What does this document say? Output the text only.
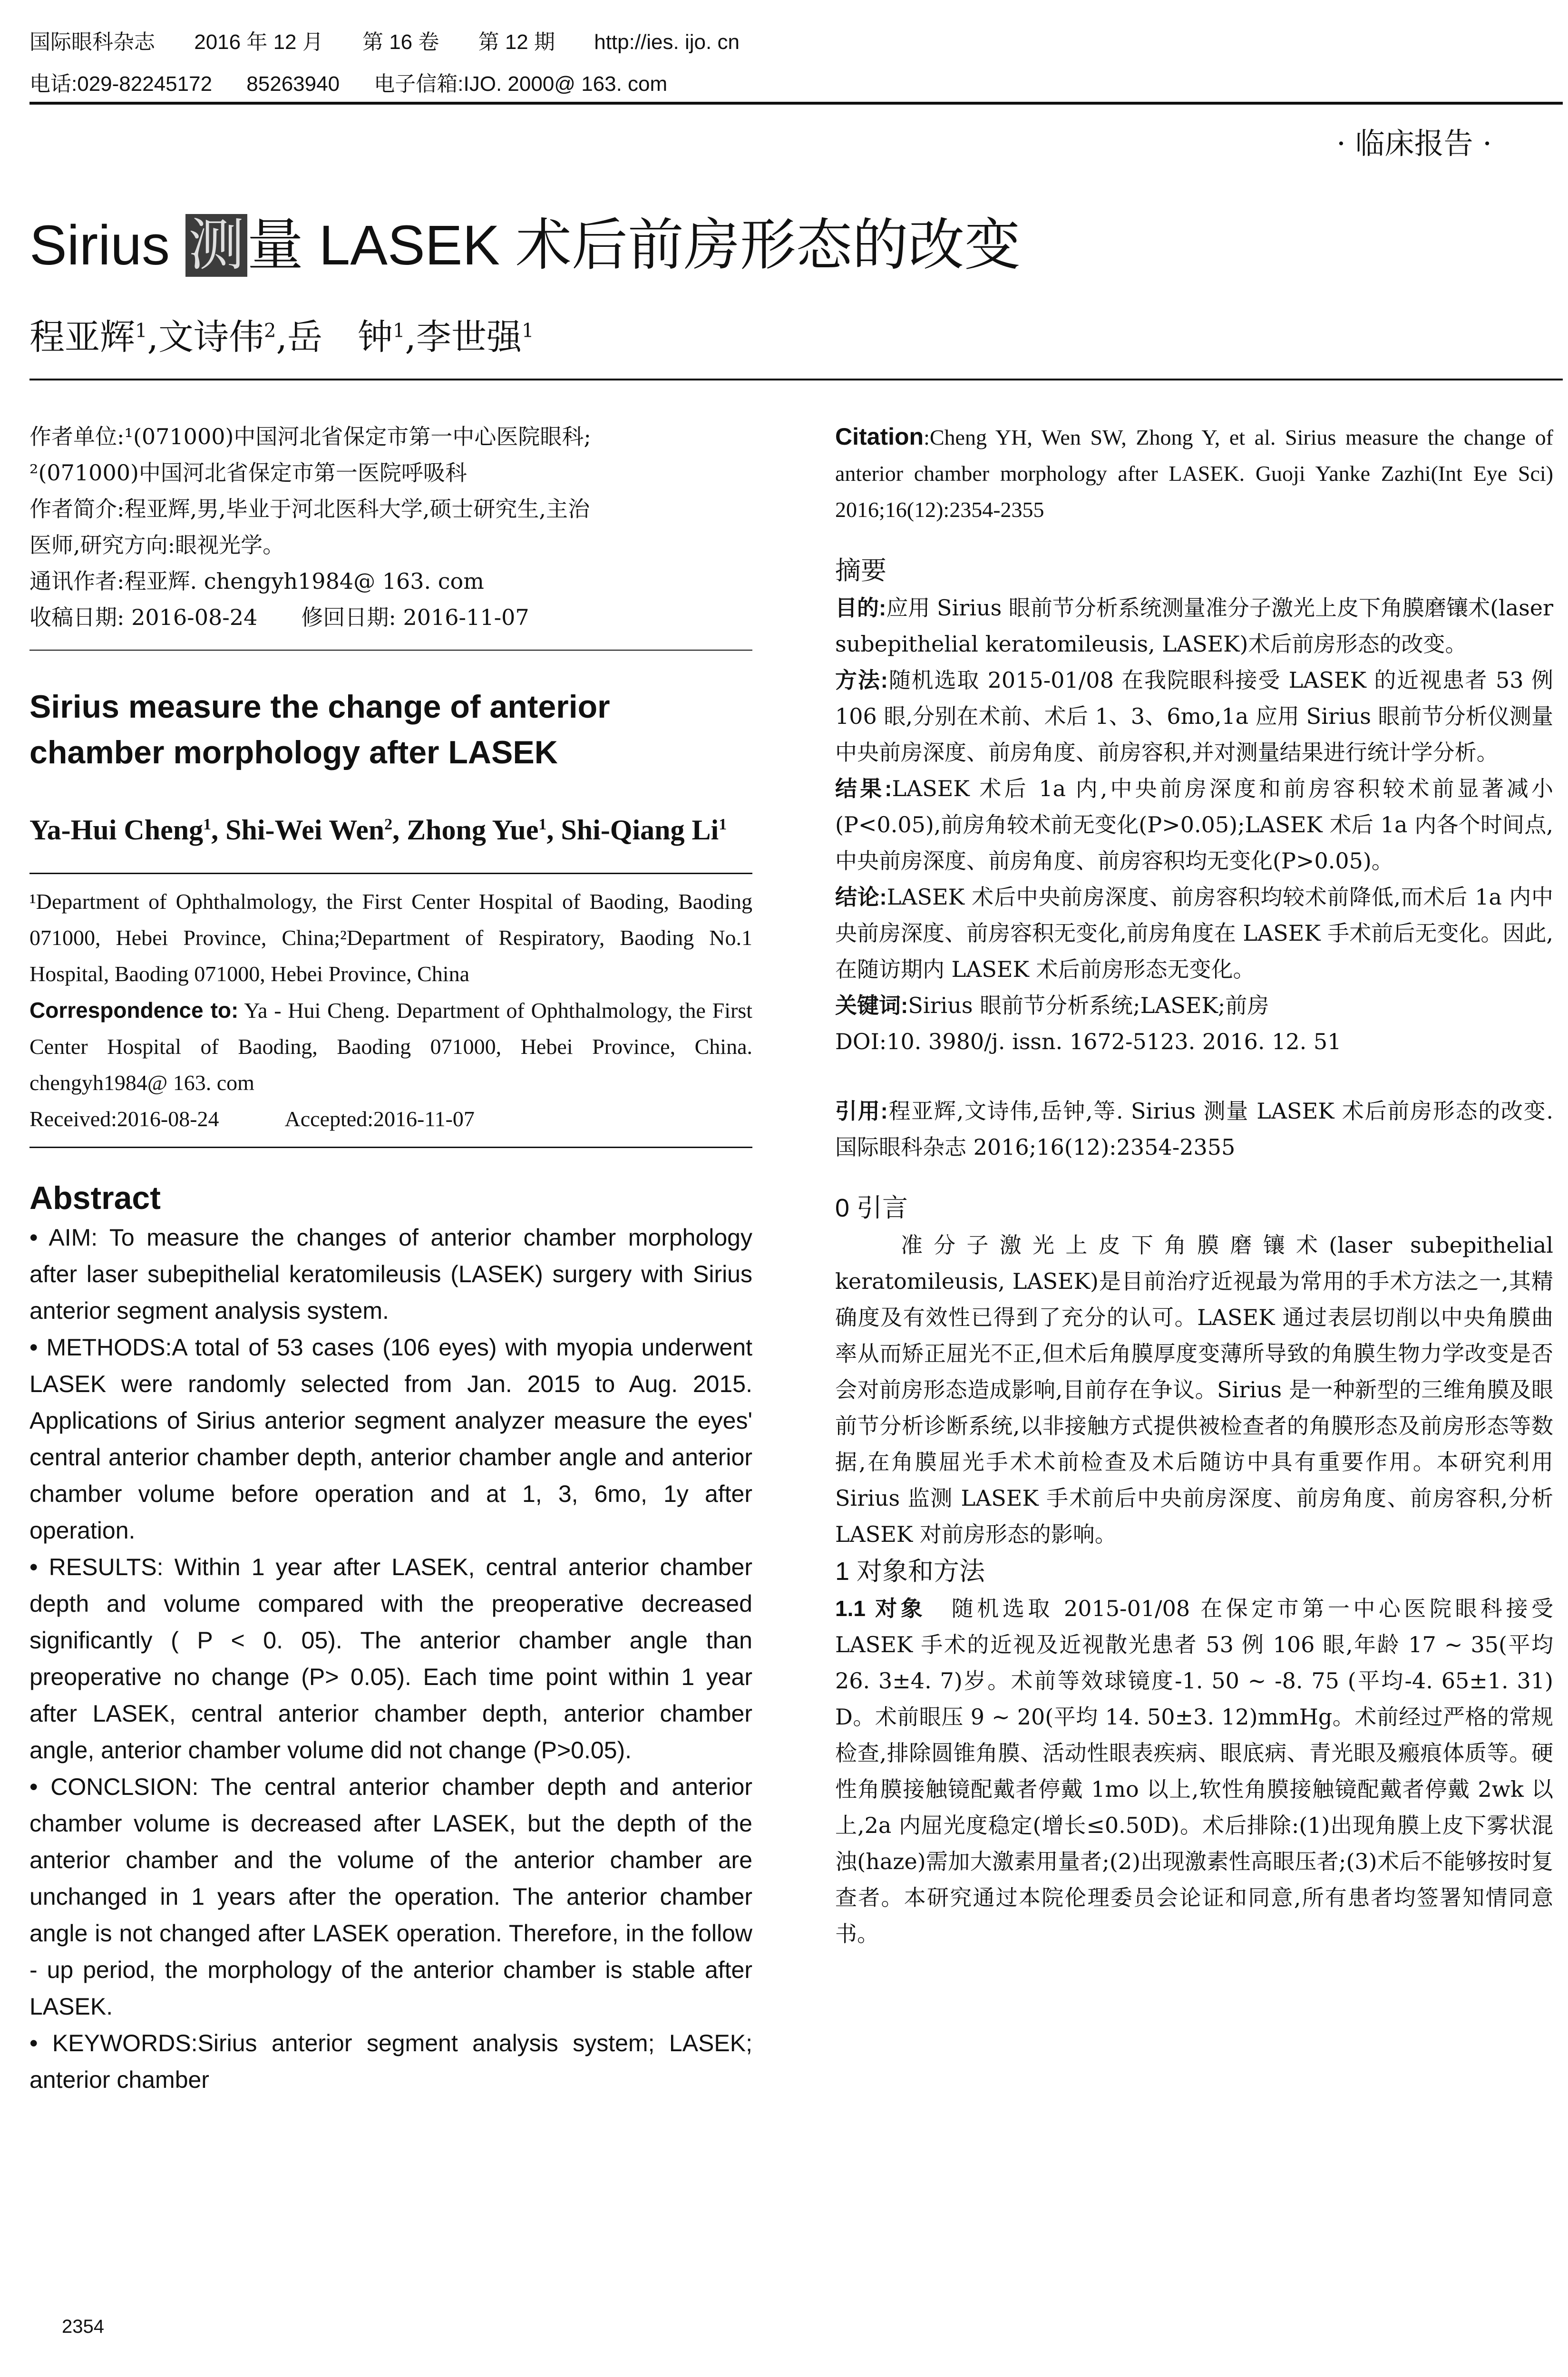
国际眼科杂志 2016 年 12 月 第 16 卷 第 12 期 http://ies. ijo. cn
电话:029-82245172 85263940 电子信箱:IJO. 2000@ 163. com
· 临床报告 ·
Sirius 测量 LASEK 术后前房形态的改变
程亚辉$^1$,文诗伟$^2$,岳　钟$^1$,李世强$^1$

作者单位:¹(071000)中国河北省保定市第一中心医院眼科;

²(071000)中国河北省保定市第一医院呼吸科

作者简介:程亚辉,男,毕业于河北医科大学,硕士研究生,主治

医师,研究方向:眼视光学。

通讯作者:程亚辉. chengyh1984@ 163. com

收稿日期: 2016-08-24　　修回日期: 2016-11-07

Sirius measure the change of anterior chamber morphology after LASEK
Ya-Hui Cheng$^1$, Shi-Wei Wen$^2$, Zhong Yue$^1$, Shi-Qiang Li$^1$

¹Department of Ophthalmology, the First Center Hospital of Baoding, Baoding 071000, Hebei Province, China;²Department of Respiratory, Baoding No.1 Hospital, Baoding 071000, Hebei Province, China

Correspondence to: Ya - Hui Cheng. Department of Ophthalmology, the First Center Hospital of Baoding, Baoding 071000, Hebei Province, China. chengyh1984@ 163. com

Received:2016-08-24　　　Accepted:2016-11-07

Abstract

• AIM: To measure the changes of anterior chamber morphology after laser subepithelial keratomileusis (LASEK) surgery with Sirius anterior segment analysis system.

• METHODS:A total of 53 cases (106 eyes) with myopia underwent LASEK were randomly selected from Jan. 2015 to Aug. 2015. Applications of Sirius anterior segment analyzer measure the eyes' central anterior chamber depth, anterior chamber angle and anterior chamber volume before operation and at 1, 3, 6mo, 1y after operation.

• RESULTS: Within 1 year after LASEK, central anterior chamber depth and volume compared with the preoperative decreased significantly ( P < 0. 05). The anterior chamber angle than preoperative no change (P> 0.05). Each time point within 1 year after LASEK, central anterior chamber depth, anterior chamber angle, anterior chamber volume did not change (P>0.05).

• CONCLSION: The central anterior chamber depth and anterior chamber volume is decreased after LASEK, but the depth of the anterior chamber and the volume of the anterior chamber are unchanged in 1 years after the operation. The anterior chamber angle is not changed after LASEK operation. Therefore, in the follow - up period, the morphology of the anterior chamber is stable after LASEK.

• KEYWORDS:Sirius anterior segment analysis system; LASEK; anterior chamber

Citation:Cheng YH, Wen SW, Zhong Y, et al. Sirius measure the change of anterior chamber morphology after LASEK. Guoji Yanke Zazhi(Int Eye Sci) 2016;16(12):2354-2355

摘要

目的:应用 Sirius 眼前节分析系统测量准分子激光上皮下角膜磨镶术(laser subepithelial keratomileusis, LASEK)术后前房形态的改变。

方法:随机选取 2015-01/08 在我院眼科接受 LASEK 的近视患者 53 例 106 眼,分别在术前、术后 1、3、6mo,1a 应用 Sirius 眼前节分析仪测量中央前房深度、前房角度、前房容积,并对测量结果进行统计学分析。

结果:LASEK 术后 1a 内,中央前房深度和前房容积较术前显著减小(P<0.05),前房角较术前无变化(P>0.05);LASEK 术后 1a 内各个时间点,中央前房深度、前房角度、前房容积均无变化(P>0.05)。

结论:LASEK 术后中央前房深度、前房容积均较术前降低,而术后 1a 内中央前房深度、前房容积无变化,前房角度在 LASEK 手术前后无变化。因此,在随访期内 LASEK 术后前房形态无变化。

关键词:Sirius 眼前节分析系统;LASEK;前房

DOI:10. 3980/j. issn. 1672-5123. 2016. 12. 51

引用:程亚辉,文诗伟,岳钟,等. Sirius 测量 LASEK 术后前房形态的改变. 国际眼科杂志 2016;16(12):2354-2355

0 引言

准分子激光上皮下角膜磨镶术(laser subepithelial keratomileusis, LASEK)是目前治疗近视最为常用的手术方法之一,其精确度及有效性已得到了充分的认可。LASEK 通过表层切削以中央角膜曲率从而矫正屈光不正,但术后角膜厚度变薄所导致的角膜生物力学改变是否会对前房形态造成影响,目前存在争议。Sirius 是一种新型的三维角膜及眼前节分析诊断系统,以非接触方式提供被检查者的角膜形态及前房形态等数据,在角膜屈光手术术前检查及术后随访中具有重要作用。本研究利用 Sirius 监测 LASEK 手术前后中央前房深度、前房角度、前房容积,分析 LASEK 对前房形态的影响。

1 对象和方法

1.1 对象　随机选取 2015-01/08 在保定市第一中心医院眼科接受 LASEK 手术的近视及近视散光患者 53 例 106 眼,年龄 17 ~ 35(平均 26. 3±4. 7)岁。术前等效球镜度-1. 50 ~ -8. 75 (平均-4. 65±1. 31) D。术前眼压 9 ~ 20(平均 14. 50±3. 12)mmHg。术前经过严格的常规检查,排除圆锥角膜、活动性眼表疾病、眼底病、青光眼及瘢痕体质等。硬性角膜接触镜配戴者停戴 1mo 以上,软性角膜接触镜配戴者停戴 2wk 以上,2a 内屈光度稳定(增长≤0.50D)。术后排除:(1)出现角膜上皮下雾状混浊(haze)需加大激素用量者;(2)出现激素性高眼压者;(3)术后不能够按时复查者。本研究通过本院伦理委员会论证和同意,所有患者均签署知情同意书。

2354
